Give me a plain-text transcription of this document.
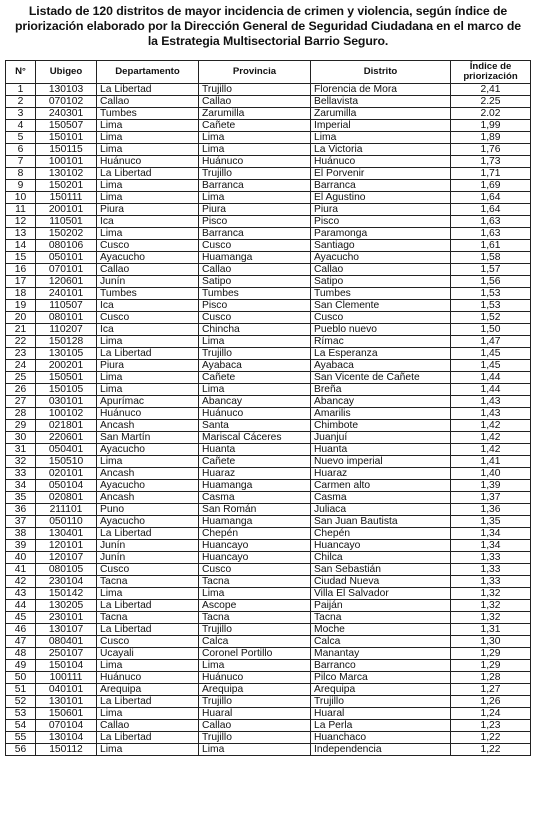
Listado de 120 distritos de mayor incidencia de crimen y violencia, según índice de
priorización elaborado por la Dirección General de Seguridad Ciudadana en el marco de
la Estrategia Multisectorial Barrio Seguro.
N°	Ubigeo	Departamento	Provincia	Distrito	Índice de
priorización

1	130103	La Libertad	Trujillo	Florencia de Mora	2,41
2	070102	Callao	Callao	Bellavista	2.25
3	240301	Tumbes	Zarumilla	Zarumilla	2.02
4	150507	Lima	Cañete	Imperial	1,99
5	150101	Lima	Lima	Lima	1,89
6	150115	Lima	Lima	La Victoria	1,76
7	100101	Huánuco	Huánuco	Huánuco	1,73
8	130102	La Libertad	Trujillo	El Porvenir	1,71
9	150201	Lima	Barranca	Barranca	1,69
10	150111	Lima	Lima	El Agustino	1,64
11	200101	Piura	Piura	Piura	1,64
12	110501	Ica	Pisco	Pisco	1,63
13	150202	Lima	Barranca	Paramonga	1,63
14	080106	Cusco	Cusco	Santiago	1,61
15	050101	Ayacucho	Huamanga	Ayacucho	1,58
16	070101	Callao	Callao	Callao	1,57
17	120601	Junín	Satipo	Satipo	1,56
18	240101	Tumbes	Tumbes	Tumbes	1,53
19	110507	Ica	Pisco	San Clemente	1,53
20	080101	Cusco	Cusco	Cusco	1,52
21	110207	Ica	Chincha	Pueblo nuevo	1,50
22	150128	Lima	Lima	Rímac	1,47
23	130105	La Libertad	Trujillo	La Esperanza	1,45
24	200201	Piura	Ayabaca	Ayabaca	1,45
25	150501	Lima	Cañete	San Vicente de Cañete	1,44
26	150105	Lima	Lima	Breña	1,44
27	030101	Apurímac	Abancay	Abancay	1,43
28	100102	Huánuco	Huánuco	Amarilis	1,43
29	021801	Ancash	Santa	Chimbote	1,42
30	220601	San Martín	Mariscal Cáceres	Juanjuí	1,42
31	050401	Ayacucho	Huanta	Huanta	1,42
32	150510	Lima	Cañete	Nuevo imperial	1,41
33	020101	Ancash	Huaraz	Huaraz	1,40
34	050104	Ayacucho	Huamanga	Carmen alto	1,39
35	020801	Ancash	Casma	Casma	1,37
36	211101	Puno	San Román	Juliaca	1,36
37	050110	Ayacucho	Huamanga	San Juan Bautista	1,35
38	130401	La Libertad	Chepén	Chepén	1,34
39	120101	Junín	Huancayo	Huancayo	1,34
40	120107	Junín	Huancayo	Chilca	1,33
41	080105	Cusco	Cusco	San Sebastián	1,33
42	230104	Tacna	Tacna	Ciudad Nueva	1,33
43	150142	Lima	Lima	Villa El Salvador	1,32
44	130205	La Libertad	Ascope	Paiján	1,32
45	230101	Tacna	Tacna	Tacna	1,32
46	130107	La Libertad	Trujillo	Moche	1,31
47	080401	Cusco	Calca	Calca	1,30
48	250107	Ucayali	Coronel Portillo	Manantay	1,29
49	150104	Lima	Lima	Barranco	1,29
50	100111	Huánuco	Huánuco	Pilco Marca	1,28
51	040101	Arequipa	Arequipa	Arequipa	1,27
52	130101	La Libertad	Trujillo	Trujillo	1,26
53	150601	Lima	Huaral	Huaral	1,24
54	070104	Callao	Callao	La Perla	1,23
55	130104	La Libertad	Trujillo	Huanchaco	1,22
56	150112	Lima	Lima	Independencia	1,22
